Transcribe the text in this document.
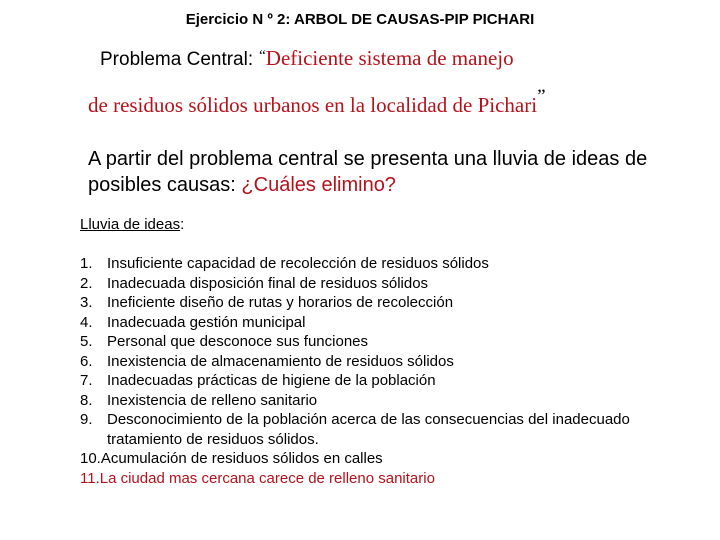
Ejercicio N º 2: ARBOL DE CAUSAS-PIP PICHARI
Problema Central: “Deficiente sistema de manejo
de residuos sólidos urbanos en la localidad de Pichari”
A partir del problema central se presenta una lluvia de ideas de posibles causas: ¿Cuáles elimino?
Lluvia de ideas:
1. Insuficiente capacidad de recolección de residuos sólidos
2. Inadecuada disposición final de residuos sólidos
3. Ineficiente diseño de rutas y horarios de recolección
4. Inadecuada gestión municipal
5. Personal que desconoce sus funciones
6. Inexistencia de almacenamiento de residuos sólidos
7. Inadecuadas prácticas de higiene de la población
8. Inexistencia de relleno sanitario
9. Desconocimiento de la población acerca de las consecuencias del inadecuado tratamiento de residuos sólidos.
10. Acumulación de residuos sólidos en calles
11. La ciudad mas cercana carece de relleno sanitario
